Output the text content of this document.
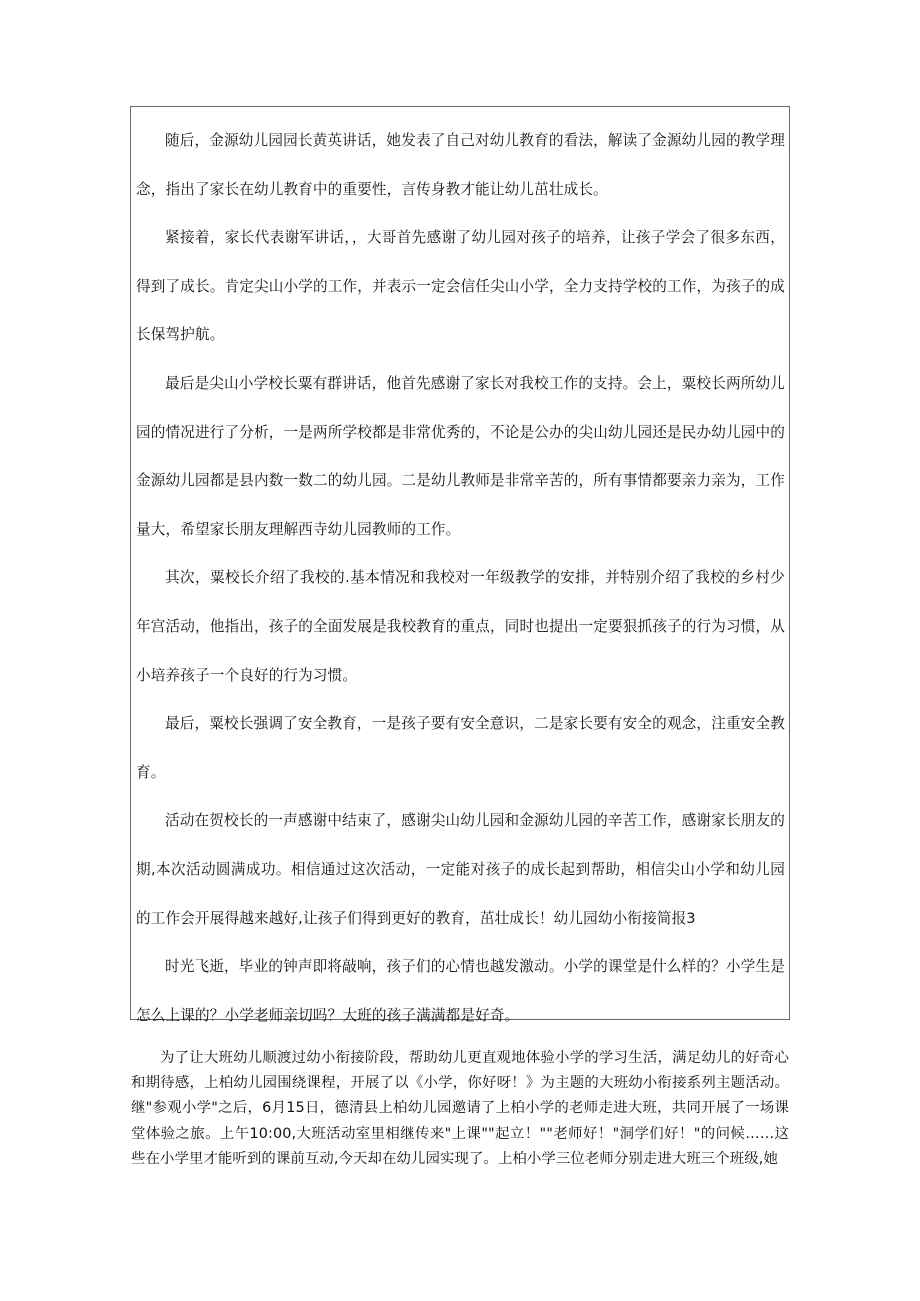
随后，金源幼儿园园长黄英讲话，她发表了自己对幼儿教育的看法，解读了金源幼儿园的教学理念，指出了家长在幼儿教育中的重要性，言传身教才能让幼儿茁壮成长。

紧接着，家长代表谢军讲话，，大哥首先感谢了幼儿园对孩子的培养，让孩子学会了很多东西，得到了成长。肯定尖山小学的工作，并表示一定会信任尖山小学，全力支持学校的工作，为孩子的成长保驾护航。

最后是尖山小学校长粟有群讲话，他首先感谢了家长对我校工作的支持。会上，粟校长两所幼儿园的情况进行了分析，一是两所学校都是非常优秀的，不论是公办的尖山幼儿园还是民办幼儿园中的金源幼儿园都是县内数一数二的幼儿园。二是幼儿教师是非常辛苦的，所有事情都要亲力亲为，工作量大，希望家长朋友理解西寺幼儿园教师的工作。

其次，粟校长介绍了我校的.基本情况和我校对一年级教学的安排，并特别介绍了我校的乡村少年宫活动，他指出，孩子的全面发展是我校教育的重点，同时也提出一定要狠抓孩子的行为习惯，从小培养孩子一个良好的行为习惯。

最后，粟校长强调了安全教育，一是孩子要有安全意识，二是家长要有安全的观念，注重安全教育。

活动在贺校长的一声感谢中结束了，感谢尖山幼儿园和金源幼儿园的辛苦工作，感谢家长朋友的期,本次活动圆满成功。相信通过这次活动，一定能对孩子的成长起到帮助，相信尖山小学和幼儿园的工作会开展得越来越好,让孩子们得到更好的教育，茁壮成长！幼儿园幼小衔接简报3

时光飞逝，毕业的钟声即将敲响，孩子们的心情也越发激动。小学的课堂是什么样的？小学生是怎么上课的？小学老师亲切吗？大班的孩子满满都是好奇。

为了让大班幼儿顺渡过幼小衔接阶段，帮助幼儿更直观地体验小学的学习生活，满足幼儿的好奇心和期待感，上柏幼儿园围绕课程，开展了以《小学，你好呀！》为主题的大班幼小衔接系列主题活动。继"参观小学"之后，6月15日，德清县上柏幼儿园邀请了上柏小学的老师走进大班，共同开展了一场课堂体验之旅。上午10:00,大班活动室里相继传来"上课""起立！""老师好！"洞学们好！"的问候……这些在小学里才能听到的课前互动,今天却在幼儿园实现了。上柏小学三位老师分别走进大班三个班级,她
